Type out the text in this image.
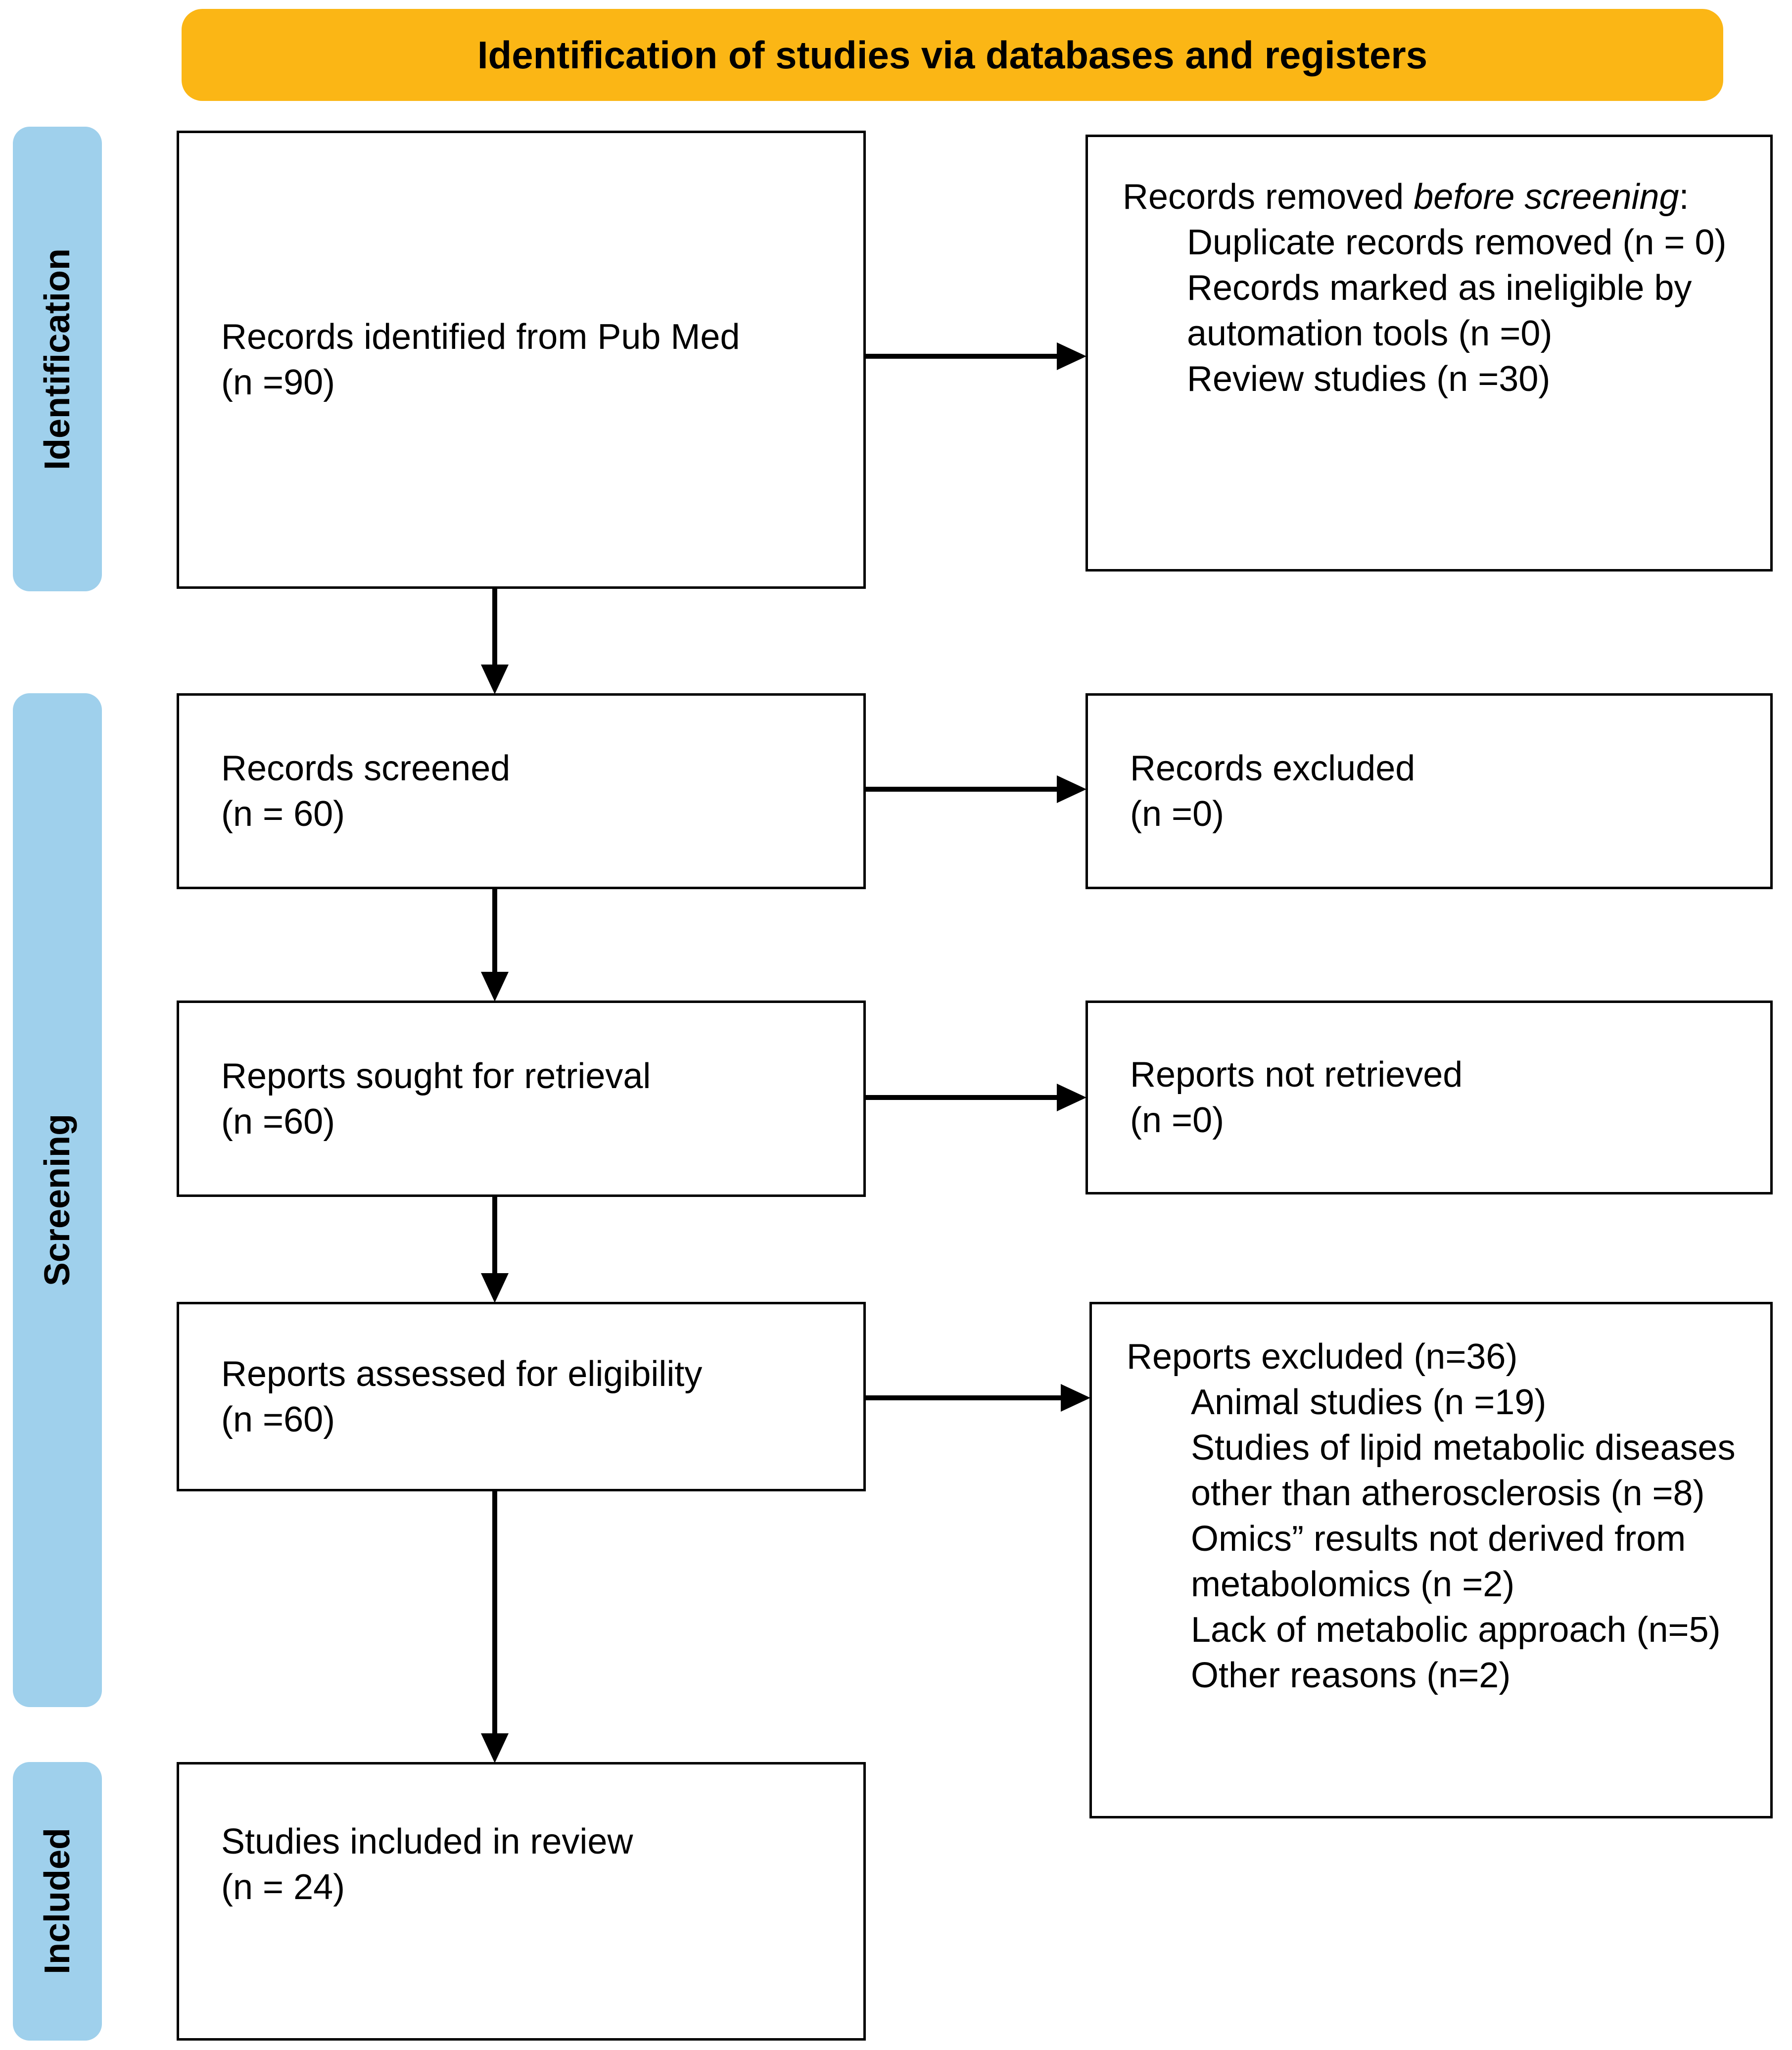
Identification of studies via databases and registers
Identification
Screening
Included
Records identified from Pub Med
(n =90)
Records removed before screening:
Duplicate records removed (n = 0)
Records marked as ineligible by automation tools (n =0)
Review studies (n =30)
Records screened
(n = 60)
Records excluded
(n =0)
Reports sought for retrieval
(n =60)
Reports not retrieved
(n =0)
Reports assessed for eligibility
(n =60)
Reports excluded (n=36)
Animal studies (n =19)
Studies of lipid metabolic diseases other than atherosclerosis (n =8)
Omics” results not derived from metabolomics (n =2)
Lack of metabolic approach (n=5)
Other reasons (n=2)
Studies included in review
(n = 24)
